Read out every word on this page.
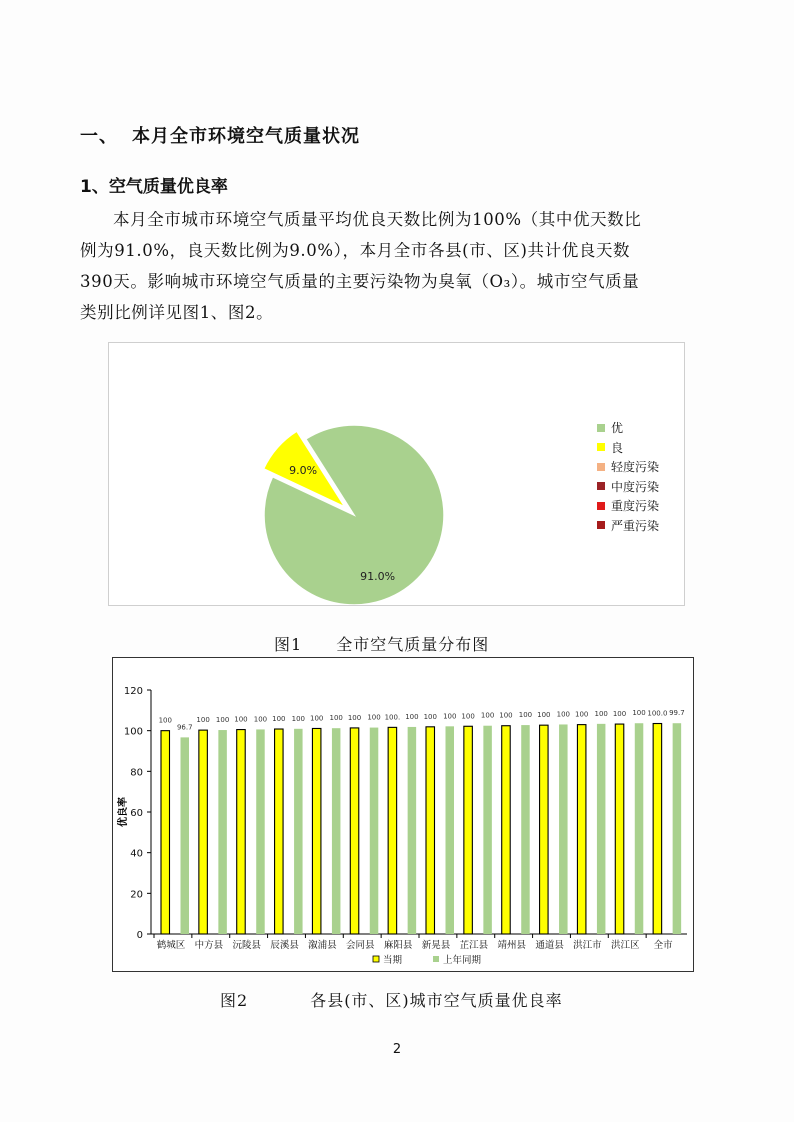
一、 本月全市环境空气质量状况
1、空气质量优良率

本月全市城市环境空气质量平均优良天数比例为100%（其中优天数比

例为91.0%，良天数比例为9.0%），本月全市各县(市、区)共计优良天数

390天。影响城市环境空气质量的主要污染物为臭氧（O₃）。城市空气质量

类别比例详见图1、图2。

91.0%
9.0%
优
良
轻度污染
中度污染
重度污染
严重污染
图1 全市空气质量分布图
0
20
40
60
80
100
120
优良率
100
96.7
鹤城区
100 100
中方县
100 100
沅陵县
100 100
辰溪县
100 100
溆浦县
100 100
会同县
100. 100
麻阳县
100 100
新晃县
100 100
芷江县
100 100
靖州县
100 100
通道县
100 100
洪江市
100 100
洪江区
100.0 99.7
全市
当期	上年同期
图2	各县(市、区)城市空气质量优良率
2
